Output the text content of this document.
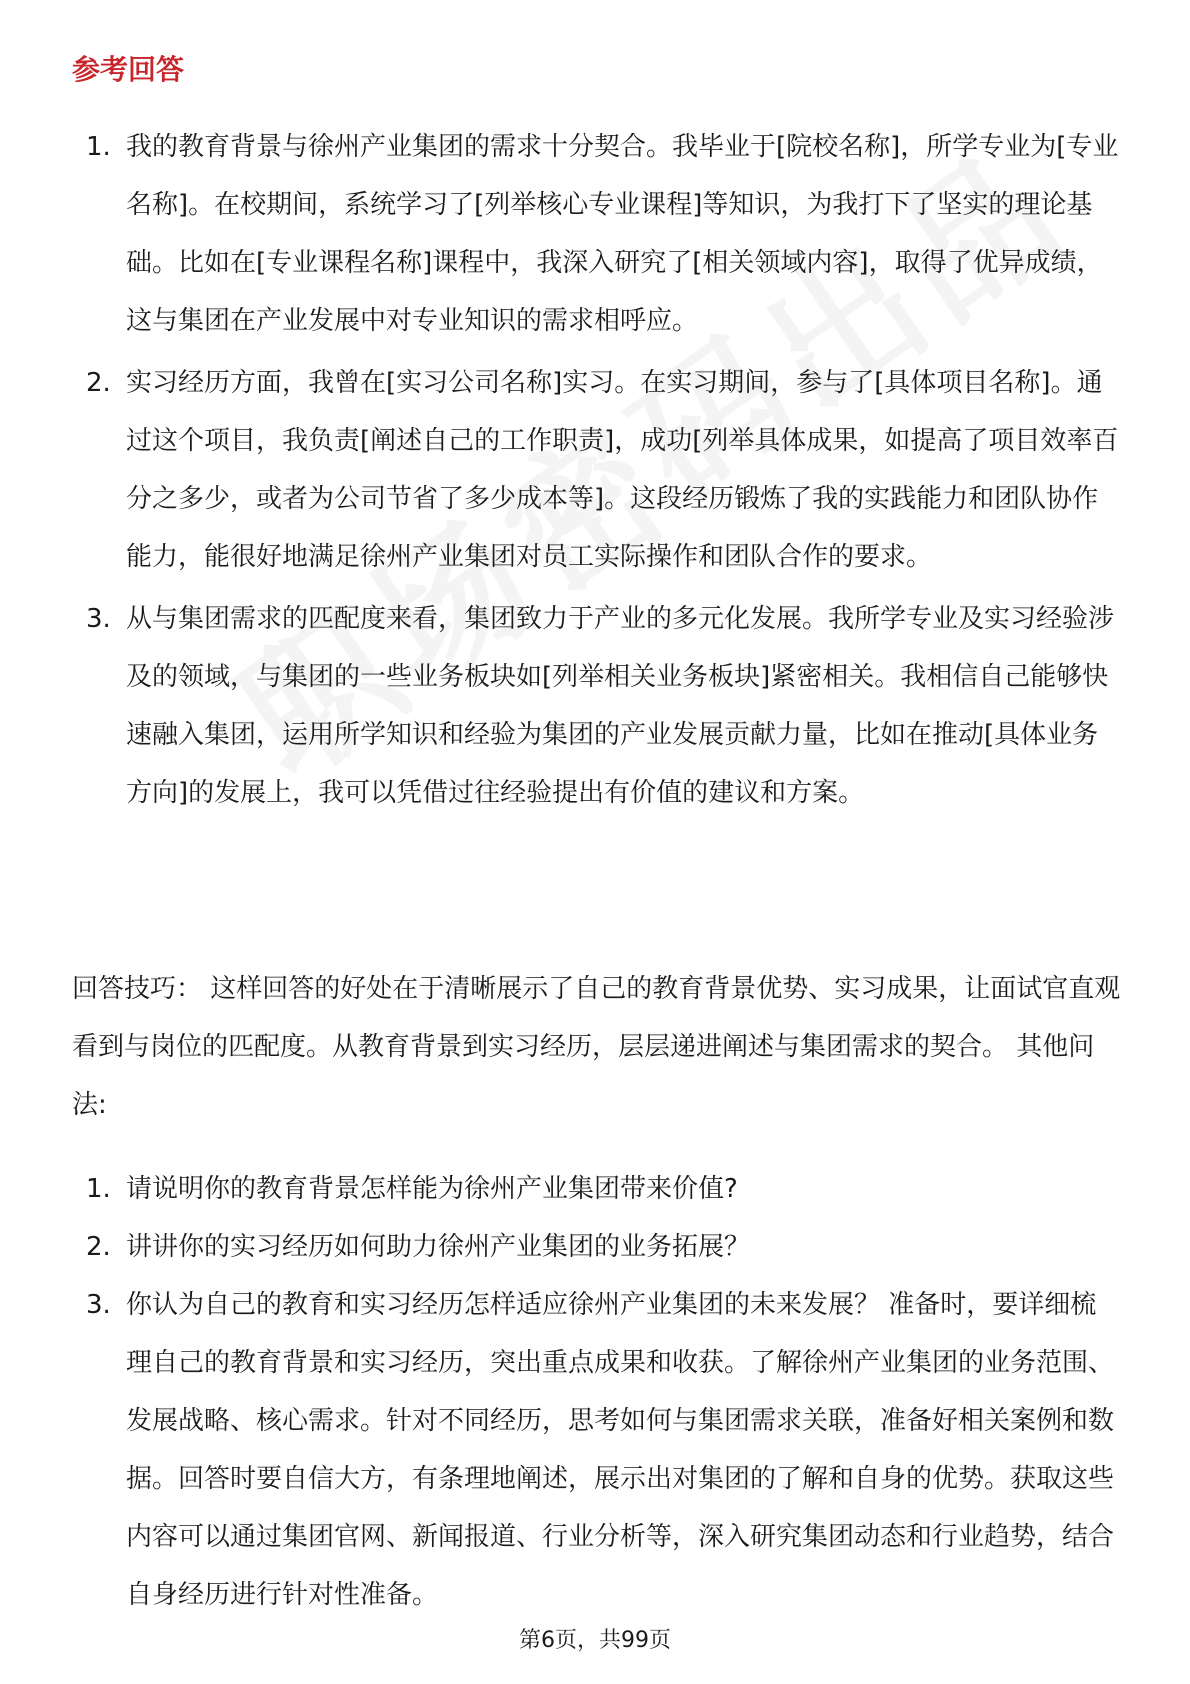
参考回答
1. 我的教育背景与徐州产业集团的需求十分契合。我毕业于[院校名称]，所学专业为[专业名称]。在校期间，系统学习了[列举核心专业课程]等知识，为我打下了坚实的理论基础。比如在[专业课程名称]课程中，我深入研究了[相关领域内容]，取得了优异成绩，这与集团在产业发展中对专业知识的需求相呼应。
2. 实习经历方面，我曾在[实习公司名称]实习。在实习期间，参与了[具体项目名称]。通过这个项目，我负责[阐述自己的工作职责]，成功[列举具体成果，如提高了项目效率百分之多少，或者为公司节省了多少成本等]。这段经历锻炼了我的实践能力和团队协作能力，能很好地满足徐州产业集团对员工实际操作和团队合作的要求。
3. 从与集团需求的匹配度来看，集团致力于产业的多元化发展。我所学专业及实习经验涉及的领域，与集团的一些业务板块如[列举相关业务板块]紧密相关。我相信自己能够快速融入集团，运用所学知识和经验为集团的产业发展贡献力量，比如在推动[具体业务方向]的发展上，我可以凭借过往经验提出有价值的建议和方案。

回答技巧： 这样回答的好处在于清晰展示了自己的教育背景优势、实习成果，让面试官直观看到与岗位的匹配度。从教育背景到实习经历，层层递进阐述与集团需求的契合。 其他问法:

1. 请说明你的教育背景怎样能为徐州产业集团带来价值?
2. 讲讲你的实习经历如何助力徐州产业集团的业务拓展？
3. 你认为自己的教育和实习经历怎样适应徐州产业集团的未来发展？ 准备时，要详细梳理自己的教育背景和实习经历，突出重点成果和收获。了解徐州产业集团的业务范围、发展战略、核心需求。针对不同经历，思考如何与集团需求关联，准备好相关案例和数据。回答时要自信大方，有条理地阐述，展示出对集团的了解和自身的优势。获取这些内容可以通过集团官网、新闻报道、行业分析等，深入研究集团动态和行业趋势，结合自身经历进行针对性准备。
第6页，共99页
